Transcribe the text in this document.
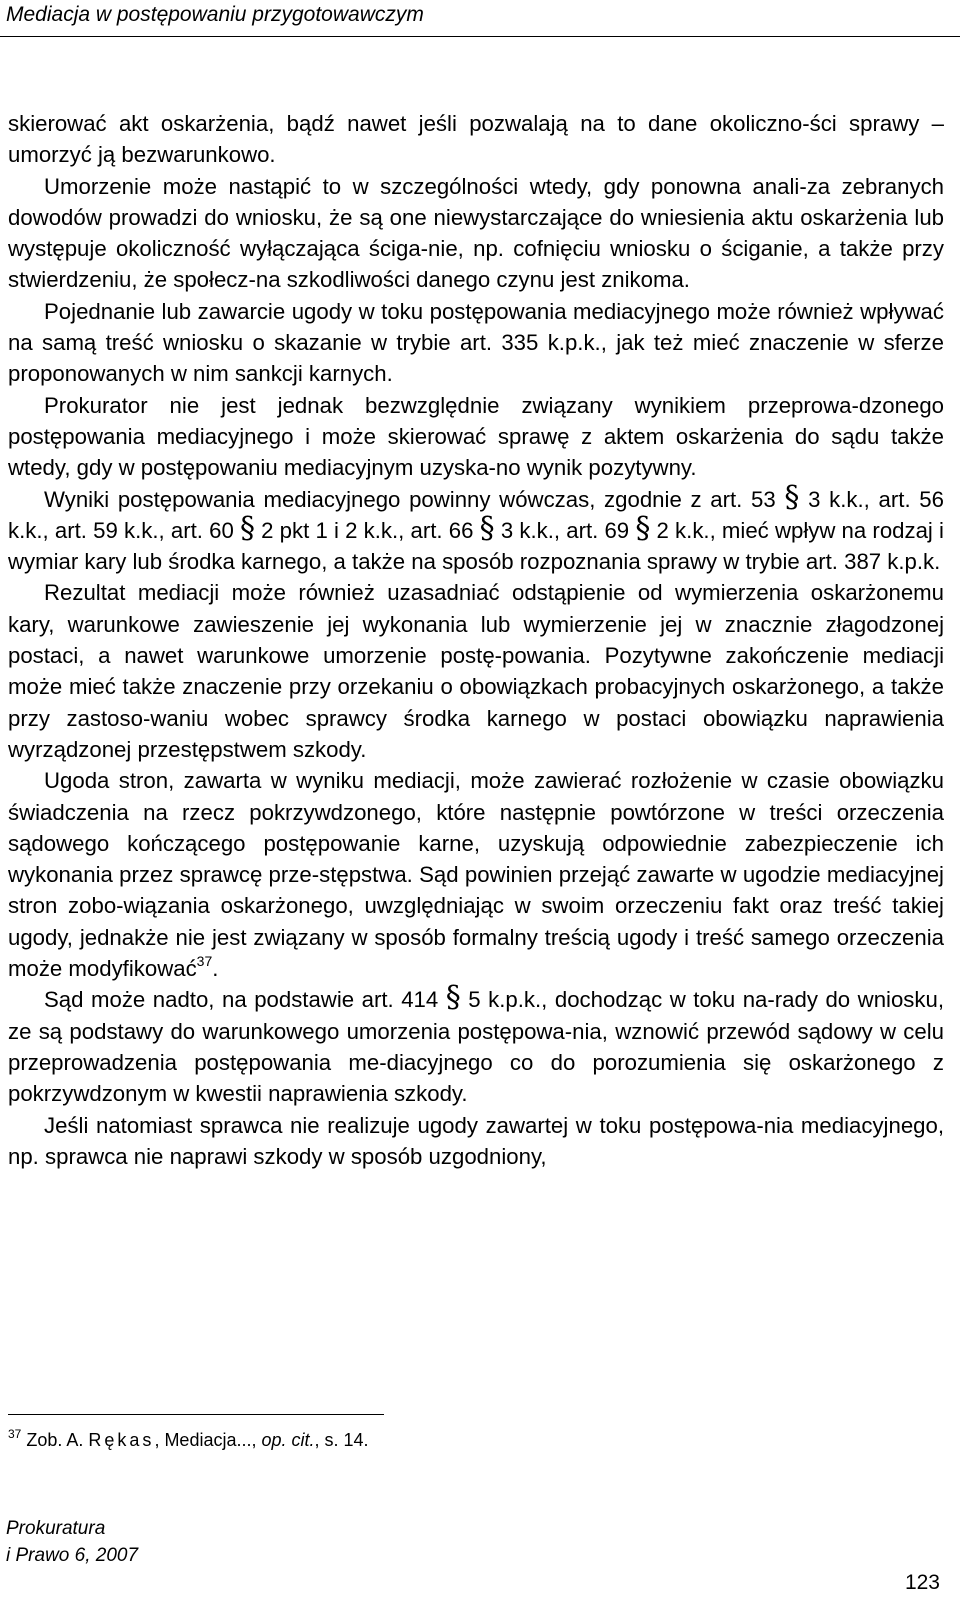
Mediacja w postępowaniu przygotowawczym

skierować akt oskarżenia, bądź nawet jeśli pozwalają na to dane okoliczno-ści sprawy – umorzyć ją bezwarunkowo.

Umorzenie może nastąpić to w szczególności wtedy, gdy ponowna anali-za zebranych dowodów prowadzi do wniosku, że są one niewystarczające do wniesienia aktu oskarżenia lub występuje okoliczność wyłączająca ściga-nie, np. cofnięciu wniosku o ściganie, a także przy stwierdzeniu, że społecz-na szkodliwości danego czynu jest znikoma.

Pojednanie lub zawarcie ugody w toku postępowania mediacyjnego może również wpływać na samą treść wniosku o skazanie w trybie art. 335 k.p.k., jak też mieć znaczenie w sferze proponowanych w nim sankcji karnych.

Prokurator nie jest jednak bezwzględnie związany wynikiem przeprowa-dzonego postępowania mediacyjnego i może skierować sprawę z aktem oskarżenia do sądu także wtedy, gdy w postępowaniu mediacyjnym uzyska-no wynik pozytywny.

Wyniki postępowania mediacyjnego powinny wówczas, zgodnie z art. 53 § 3 k.k., art. 56 k.k., art. 59 k.k., art. 60 § 2 pkt 1 i 2 k.k., art. 66 § 3 k.k., art. 69 § 2 k.k., mieć wpływ na rodzaj i wymiar kary lub środka karnego, a także na sposób rozpoznania sprawy w trybie art. 387 k.p.k.

Rezultat mediacji może również uzasadniać odstąpienie od wymierzenia oskarżonemu kary, warunkowe zawieszenie jej wykonania lub wymierzenie jej w znacznie złagodzonej postaci, a nawet warunkowe umorzenie postę-powania. Pozytywne zakończenie mediacji może mieć także znaczenie przy orzekaniu o obowiązkach probacyjnych oskarżonego, a także przy zastoso-waniu wobec sprawcy środka karnego w postaci obowiązku naprawienia wyrządzonej przestępstwem szkody.

Ugoda stron, zawarta w wyniku mediacji, może zawierać rozłożenie w czasie obowiązku świadczenia na rzecz pokrzywdzonego, które następnie powtórzone w treści orzeczenia sądowego kończącego postępowanie karne, uzyskują odpowiednie zabezpieczenie ich wykonania przez sprawcę prze-stępstwa. Sąd powinien przejąć zawarte w ugodzie mediacyjnej stron zobo-wiązania oskarżonego, uwzględniając w swoim orzeczeniu fakt oraz treść takiej ugody, jednakże nie jest związany w sposób formalny treścią ugody i treść samego orzeczenia może modyfikować$^{37}$.

Sąd może nadto, na podstawie art. 414 § 5 k.p.k., dochodząc w toku na-rady do wniosku, ze są podstawy do warunkowego umorzenia postępowa-nia, wznowić przewód sądowy w celu przeprowadzenia postępowania me-diacyjnego co do porozumienia się oskarżonego z pokrzywdzonym w kwestii naprawienia szkody.

Jeśli natomiast sprawca nie realizuje ugody zawartej w toku postępowa-nia mediacyjnego, np. sprawca nie naprawi szkody w sposób uzgodniony,

$^{37}$ Zob. A. Rękas, Mediacja..., op. cit., s. 14.
Prokuratura
i Prawo 6, 2007
123
